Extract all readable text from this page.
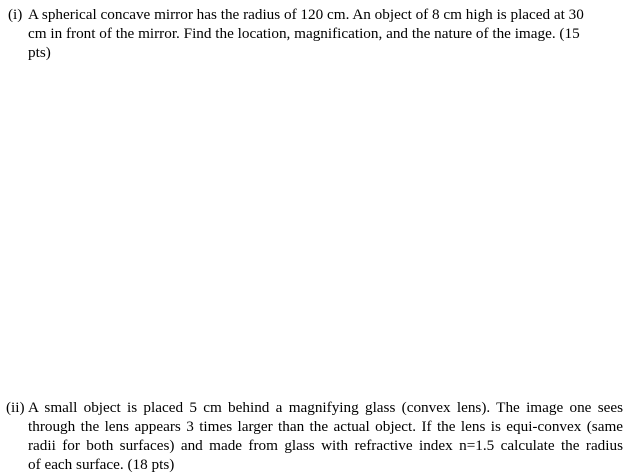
(i) A spherical concave mirror has the radius of 120 cm. An object of 8 cm high is placed at 30
cm in front of the mirror. Find the location, magnification, and the nature of the image. (15
pts)
(ii) A small object is placed 5 cm behind a magnifying glass (convex lens). The image one sees
through the lens appears 3 times larger than the actual object. If the lens is equi-convex (same
radii for both surfaces) and made from glass with refractive index n=1.5 calculate the radius
of each surface. (18 pts)
